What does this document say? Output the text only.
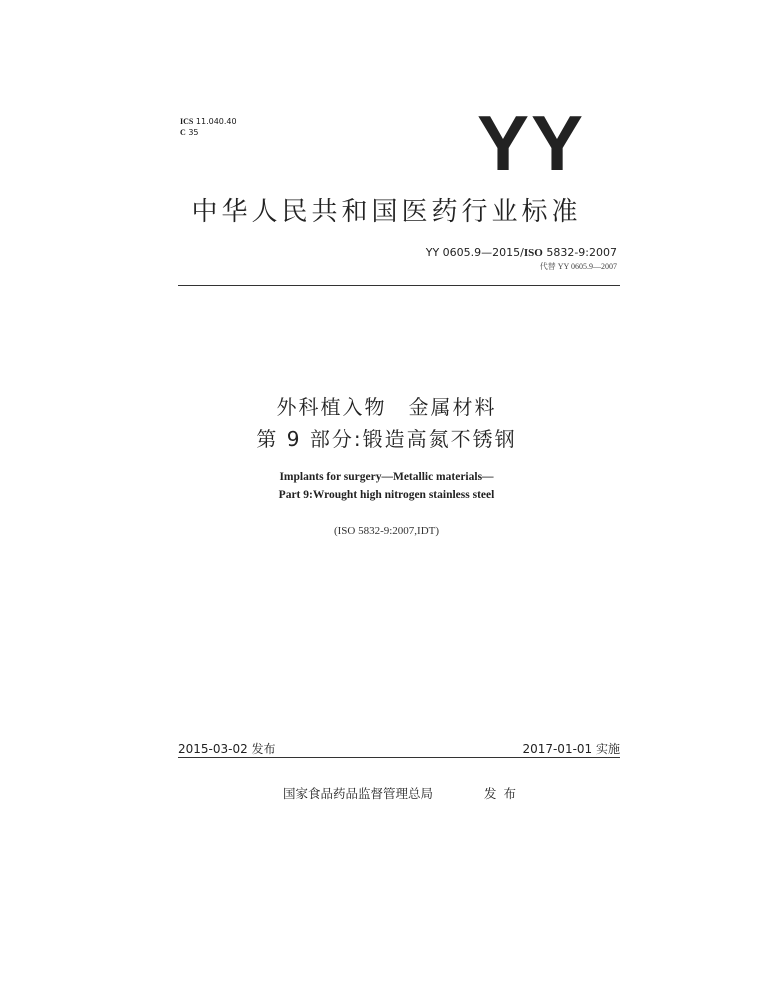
ICS 11.040.40
C 35	YY
中华人民共和国医药行业标准
YY 0605.9—2015/ISO 5832-9:2007
代替 YY 0605.9—2007
外科植入物　金属材料
第 9 部分:锻造高氮不锈钢
Implants for surgery—Metallic materials—
Part 9:Wrought high nitrogen stainless steel
(ISO 5832-9:2007,IDT)
2015-03-02 发布	2017-01-01 实施
国家食品药品监督管理总局	发布
